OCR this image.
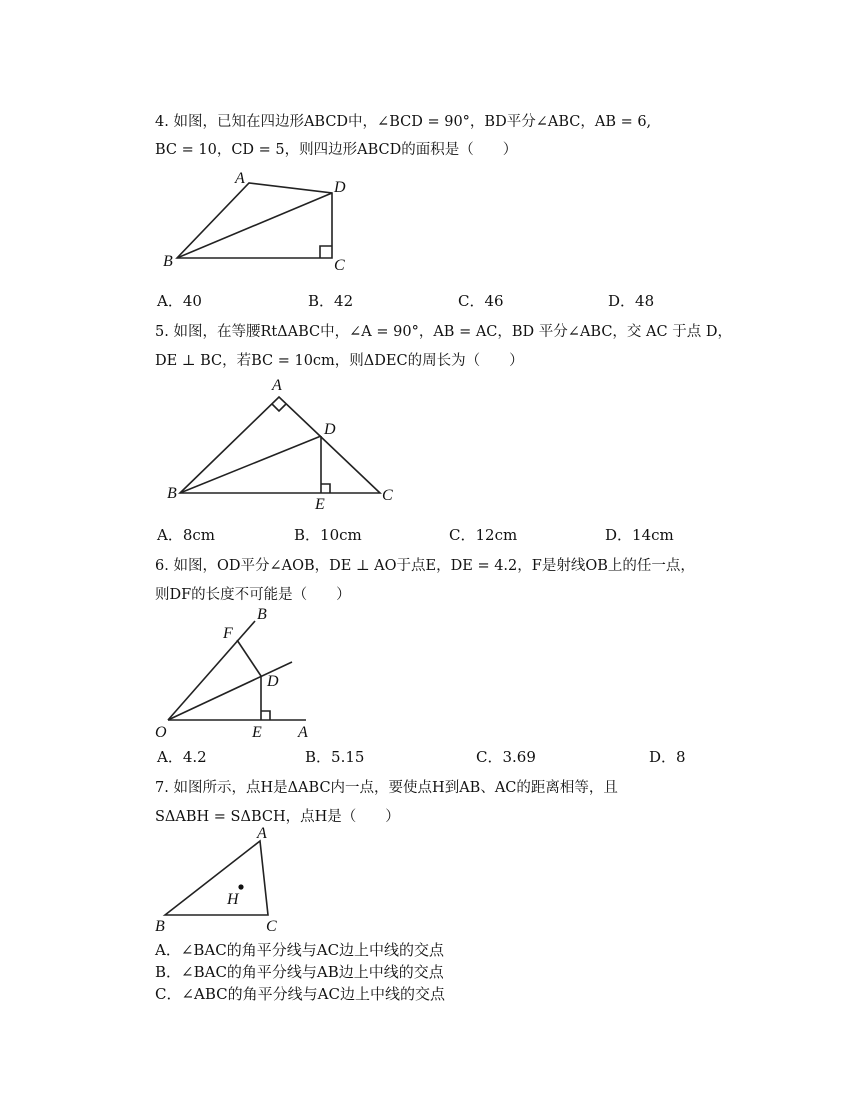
4. 如图，已知在四边形ABCD中，∠BCD = 90°，BD平分∠ABC，AB = 6,
BC = 10，CD = 5，则四边形ABCD的面积是（　　）
A
B	C
D
A．40	B．42	C．46	D．48
5. 如图，在等腰RtΔABC中，∠A = 90°，AB = AC，BD 平分∠ABC，交 AC 于点 D，
DE ⊥ BC，若BC = 10cm，则ΔDEC的周长为（　　）
A
B	C
D
E
A．8cm	B．10cm	C．12cm	D．14cm
6. 如图，OD平分∠AOB，DE ⊥ AO于点E，DE = 4.2，F是射线OB上的任一点，
则DF的长度不可能是（　　）
O	A
B
D
E
F
A．4.2	B．5.15	C．3.69	D．8
7. 如图所示，点H是ΔABC内一点，要使点H到AB、AC的距离相等，且
SΔABH = SΔBCH，点H是（　　）
A
B	C
H
A．∠BAC的角平分线与AC边上中线的交点
B．∠BAC的角平分线与AB边上中线的交点
C．∠ABC的角平分线与AC边上中线的交点
